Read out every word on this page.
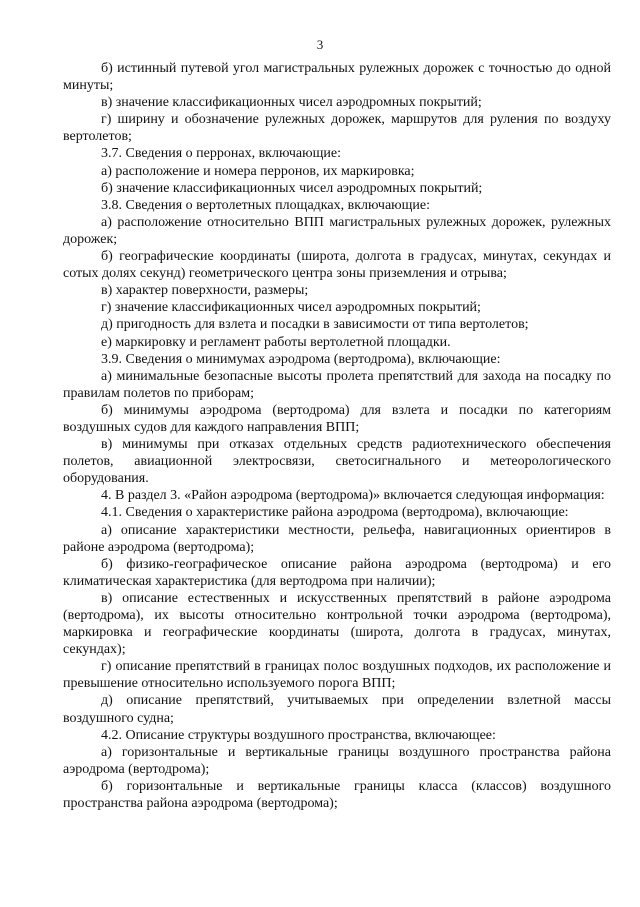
3

б) истинный путевой угол магистральных рулежных дорожек с точностью до одной минуты;

в) значение классификационных чисел аэродромных покрытий;

г) ширину и обозначение рулежных дорожек, маршрутов для руления по воздуху вертолетов;

3.7. Сведения о перронах, включающие:

а) расположение и номера перронов, их маркировка;

б) значение классификационных чисел аэродромных покрытий;

3.8. Сведения о вертолетных площадках, включающие:

а) расположение относительно ВПП магистральных рулежных дорожек, рулежных дорожек;

б) географические координаты (широта, долгота в градусах, минутах, секундах и сотых долях секунд) геометрического центра зоны приземления и отрыва;

в) характер поверхности, размеры;

г) значение классификационных чисел аэродромных покрытий;

д) пригодность для взлета и посадки в зависимости от типа вертолетов;

е) маркировку и регламент работы вертолетной площадки.

3.9. Сведения о минимумах аэродрома (вертодрома), включающие:

а) минимальные безопасные высоты пролета препятствий для захода на посадку по правилам полетов по приборам;

б) минимумы аэродрома (вертодрома) для взлета и посадки по категориям воздушных судов для каждого направления ВПП;

в) минимумы при отказах отдельных средств радиотехнического обеспечения полетов, авиационной электросвязи, светосигнального и метеорологического оборудования.

4. В раздел 3. «Район аэродрома (вертодрома)» включается следующая информация:

4.1. Сведения о характеристике района аэродрома (вертодрома), включающие:

а) описание характеристики местности, рельефа, навигационных ориентиров в районе аэродрома (вертодрома);

б) физико-географическое описание района аэродрома (вертодрома) и его климатическая характеристика (для вертодрома при наличии);

в) описание естественных и искусственных препятствий в районе аэродрома (вертодрома), их высоты относительно контрольной точки аэродрома (вертодрома), маркировка и географические координаты (широта, долгота в градусах, минутах, секундах);

г) описание препятствий в границах полос воздушных подходов, их расположение и превышение относительно используемого порога ВПП;

д) описание препятствий, учитываемых при определении взлетной массы воздушного судна;

4.2. Описание структуры воздушного пространства, включающее:

а) горизонтальные и вертикальные границы воздушного пространства района аэродрома (вертодрома);

б) горизонтальные и вертикальные границы класса (классов) воздушного пространства района аэродрома (вертодрома);
